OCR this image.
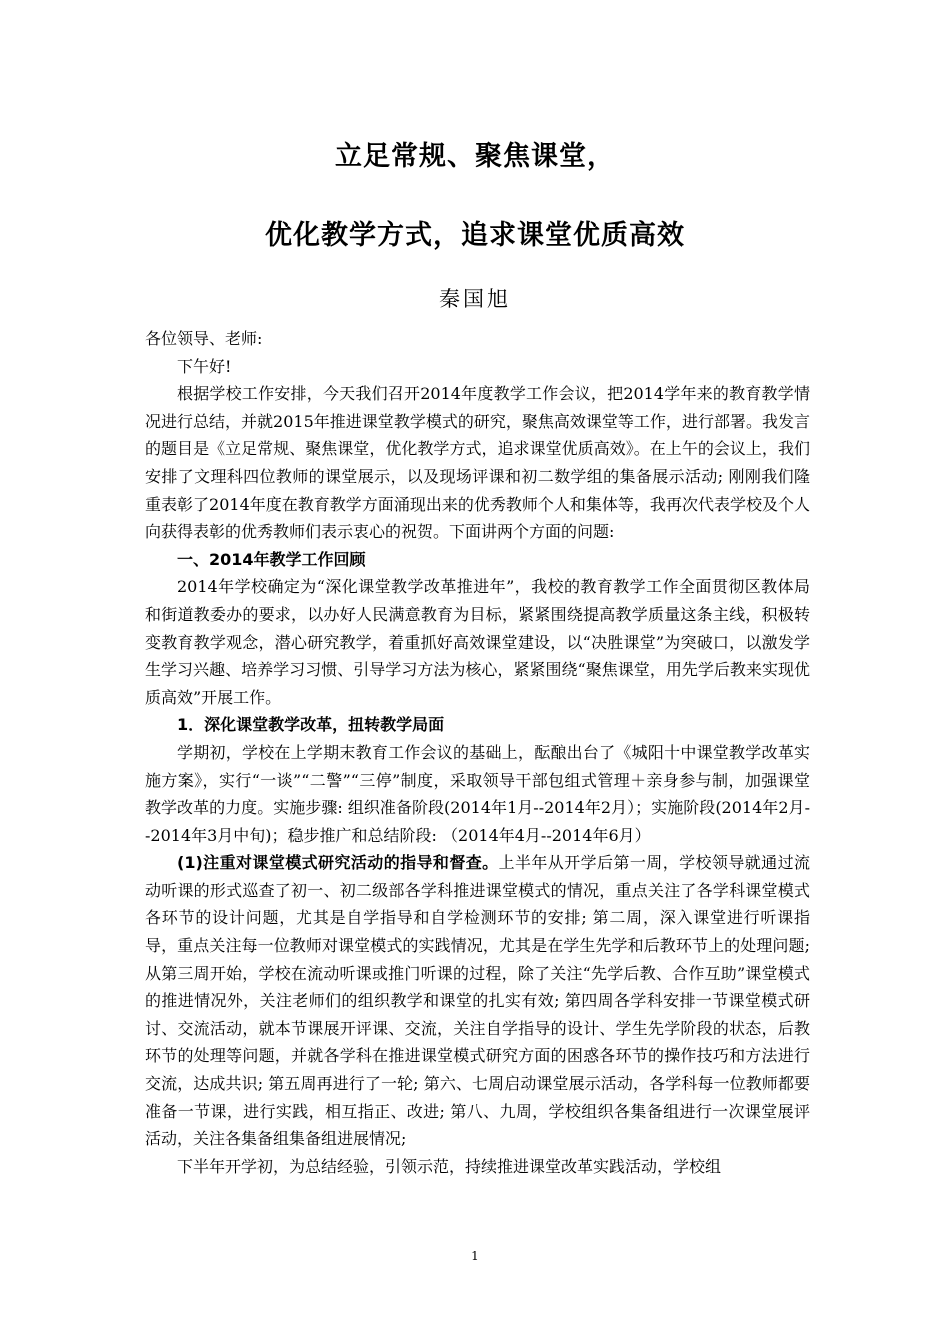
立足常规、聚焦课堂，
优化教学方式，追求课堂优质高效
秦国旭

各位领导、老师:

下午好!

根据学校工作安排，今天我们召开2014年度教学工作会议，把2014学年来的教育教学情况进行总结，并就2015年推进课堂教学模式的研究，聚焦高效课堂等工作，进行部署。我发言的题目是《立足常规、聚焦课堂，优化教学方式，追求课堂优质高效》。在上午的会议上，我们安排了文理科四位教师的课堂展示，以及现场评课和初二数学组的集备展示活动; 刚刚我们隆重表彰了2014年度在教育教学方面涌现出来的优秀教师个人和集体等，我再次代表学校及个人向获得表彰的优秀教师们表示衷心的祝贺。下面讲两个方面的问题:

一、2014年教学工作回顾

2014年学校确定为“深化课堂教学改革推进年”，我校的教育教学工作全面贯彻区教体局和街道教委办的要求，以办好人民满意教育为目标，紧紧围绕提高教学质量这条主线，积极转变教育教学观念，潜心研究教学，着重抓好高效课堂建设，以“决胜课堂”为突破口，以激发学生学习兴趣、培养学习习惯、引导学习方法为核心，紧紧围绕“聚焦课堂，用先学后教来实现优质高效”开展工作。

1．深化课堂教学改革，扭转教学局面

学期初，学校在上学期末教育工作会议的基础上，酝酿出台了《城阳十中课堂教学改革实施方案》，实行“一谈”“二警”“三停”制度，采取领导干部包组式管理＋亲身参与制，加强课堂教学改革的力度。实施步骤: 组织准备阶段(2014年1月--2014年2月）；实施阶段(2014年2月--2014年3月中旬)；稳步推广和总结阶段: （2014年4月--2014年6月）

(1)注重对课堂模式研究活动的指导和督查。上半年从开学后第一周，学校领导就通过流动听课的形式巡查了初一、初二级部各学科推进课堂模式的情况，重点关注了各学科课堂模式各环节的设计问题，尤其是自学指导和自学检测环节的安排; 第二周，深入课堂进行听课指导，重点关注每一位教师对课堂模式的实践情况，尤其是在学生先学和后教环节上的处理问题; 从第三周开始，学校在流动听课或推门听课的过程，除了关注“先学后教、合作互助”课堂模式的推进情况外，关注老师们的组织教学和课堂的扎实有效; 第四周各学科安排一节课堂模式研讨、交流活动，就本节课展开评课、交流，关注自学指导的设计、学生先学阶段的状态，后教环节的处理等问题，并就各学科在推进课堂模式研究方面的困惑各环节的操作技巧和方法进行交流，达成共识; 第五周再进行了一轮; 第六、七周启动课堂展示活动，各学科每一位教师都要准备一节课，进行实践，相互指正、改进; 第八、九周，学校组织各集备组进行一次课堂展评活动，关注各集备组集备组进展情况;

下半年开学初，为总结经验，引领示范，持续推进课堂改革实践活动，学校组

1
